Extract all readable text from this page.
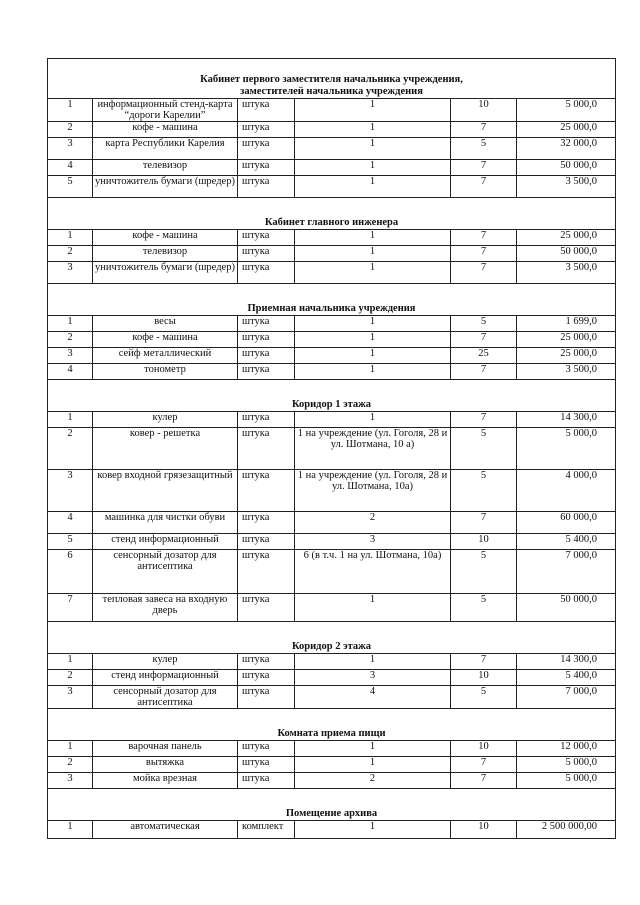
Кабинет первого заместителя начальника учреждения, заместителей начальника учреждения					
1	информационный стенд-карта “дороги Карелии”	штука	1	10	5 000,0
2	кофе - машина	штука	1	7	25 000,0
3	карта Республики Карелия	штука	1	5	32 000,0
4	телевизор	штука	1	7	50 000,0
5	уничтожитель бумаги (шредер)	штука	1	7	3 500,0
Кабинет главного инженера					
1	кофе - машина	штука	1	7	25 000,0
2	телевизор	штука	1	7	50 000,0
3	уничтожитель бумаги (шредер)	штука	1	7	3 500,0
Приемная начальника учреждения					
1	весы	штука	1	5	1 699,0
2	кофе - машина	штука	1	7	25 000,0
3	сейф металлический	штука	1	25	25 000,0
4	тонометр	штука	1	7	3 500,0
Коридор 1 этажа					
1	кулер	штука	1	7	14 300,0
2	ковер - решетка	штука	1 на учреждение (ул. Гоголя, 28 и ул. Шотмана, 10 а)	5	5 000,0
3	ковер входной грязезащитный	штука	1 на учреждение (ул. Гоголя, 28 и ул. Шотмана, 10а)	5	4 000,0
4	машинка для чистки обуви	штука	2	7	60 000,0
5	стенд информационный	штука	3	10	5 400,0
6	сенсорный дозатор для антисептика	штука	6 (в т.ч. 1 на ул. Шотмана, 10а)	5	7 000,0
7	тепловая завеса на входную дверь	штука	1	5	50 000,0
Коридор 2 этажа					
1	кулер	штука	1	7	14 300,0
2	стенд информационный	штука	3	10	5 400,0
3	сенсорный дозатор для антисептика	штука	4	5	7 000,0
Комната приема пищи					
1	варочная панель	штука	1	10	12 000,0
2	вытяжка	штука	1	7	5 000,0
3	мойка врезная	штука	2	7	5 000,0
Помещение архива					
1	автоматическая	комплект	1	10	2 500 000,00
